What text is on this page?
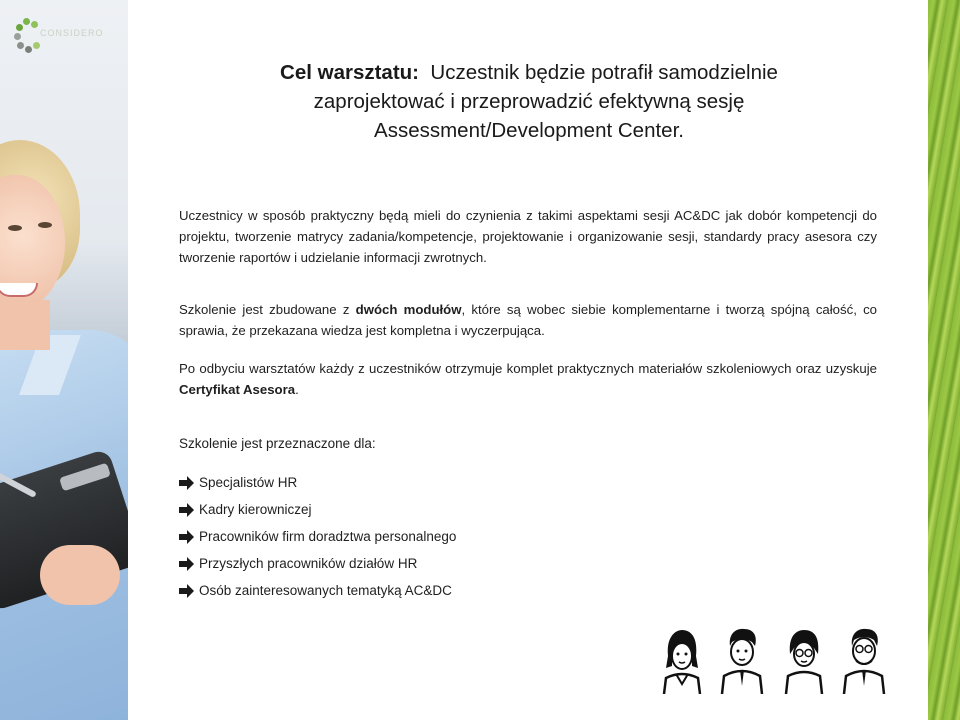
CONSIDERO
Cel warsztatu: Uczestnik będzie potrafił samodzielnie zaprojektować i przeprowadzić efektywną sesję Assessment/Development Center.
Uczestnicy w sposób praktyczny będą mieli do czynienia z takimi aspektami sesji AC&DC jak dobór kompetencji do projektu, tworzenie matrycy zadania/kompetencje, projektowanie i organizowanie sesji, standardy pracy asesora czy tworzenie raportów i udzielanie informacji zwrotnych.
Szkolenie jest zbudowane z dwóch modułów, które są wobec siebie komplementarne i tworzą spójną całość, co sprawia, że przekazana wiedza jest kompletna i wyczerpująca.
Po odbyciu warsztatów każdy z uczestników otrzymuje komplet praktycznych materiałów szkoleniowych oraz uzyskuje Certyfikat Asesora.
Szkolenie jest przeznaczone dla:
Specjalistów HR
Kadry kierowniczej
Pracowników firm doradztwa personalnego
Przyszłych pracowników działów HR
Osób zainteresowanych tematyką AC&DC
